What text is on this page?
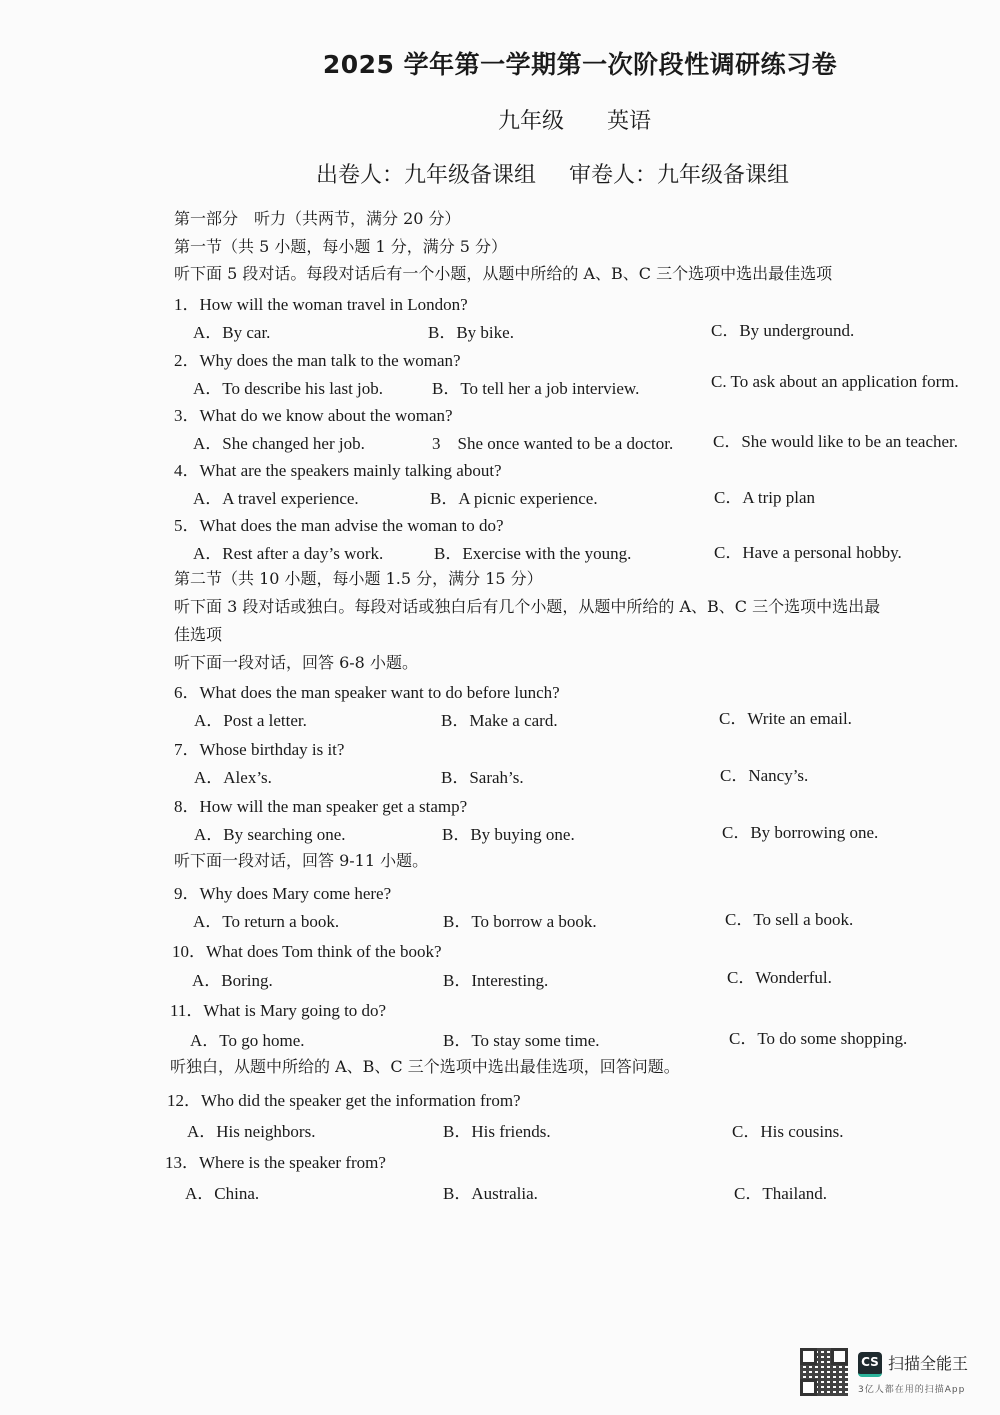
2025 学年第一学期第一次阶段性调研练习卷
九年级 英语
出卷人：九年级备课组 审卷人：九年级备课组
第一部分　听力（共两节，满分 20 分）
第一节（共 5 小题，每小题 1 分，满分 5 分）
听下面 5 段对话。每段对话后有一个小题，从题中所给的 A、B、C 三个选项中选出最佳选项
1．How will the woman travel in London?
A．By car.	B．By bike.	C．By underground.
2．Why does the man talk to the woman?
A．To describe his last job.	B．To tell her a job interview.	C. To ask about an application form.
3．What do we know about the woman?
A．She changed her job.	3　She once wanted to be a doctor. C．She would like to be an teacher.
4．What are the speakers mainly talking about?
A．A travel experience.	B．A picnic experience.	C．A trip plan
5．What does the man advise the woman to do?
A．Rest after a day’s work.	B．Exercise with the young.	C．Have a personal hobby.
第二节（共 10 小题，每小题 1.5 分，满分 15 分）
听下面 3 段对话或独白。每段对话或独白后有几个小题，从题中所给的 A、B、C 三个选项中选出最
佳选项
听下面一段对话，回答 6-8 小题。
6．What does the man speaker want to do before lunch?
A．Post a letter.	B．Make a card.	C．Write an email.
7．Whose birthday is it?
A．Alex’s.	B．Sarah’s.	C．Nancy’s.
8．How will the man speaker get a stamp?
A．By searching one.	B．By buying one.	C．By borrowing one.
听下面一段对话，回答 9-11 小题。
9．Why does Mary come here?
A．To return a book.	B．To borrow a book.	C．To sell a book.
10．What does Tom think of the book?
A．Boring.	B．Interesting.	C．Wonderful.
11．What is Mary going to do?
A．To go home.	B．To stay some time.	C．To do some shopping.
听独白，从题中所给的 A、B、C 三个选项中选出最佳选项，回答问题。
12．Who did the speaker get the information from?
A．His neighbors.	B．His friends.	C．His cousins.
13．Where is the speaker from?
A．China.	B．Australia.	C．Thailand.
CS 扫描全能王
3亿人都在用的扫描App
